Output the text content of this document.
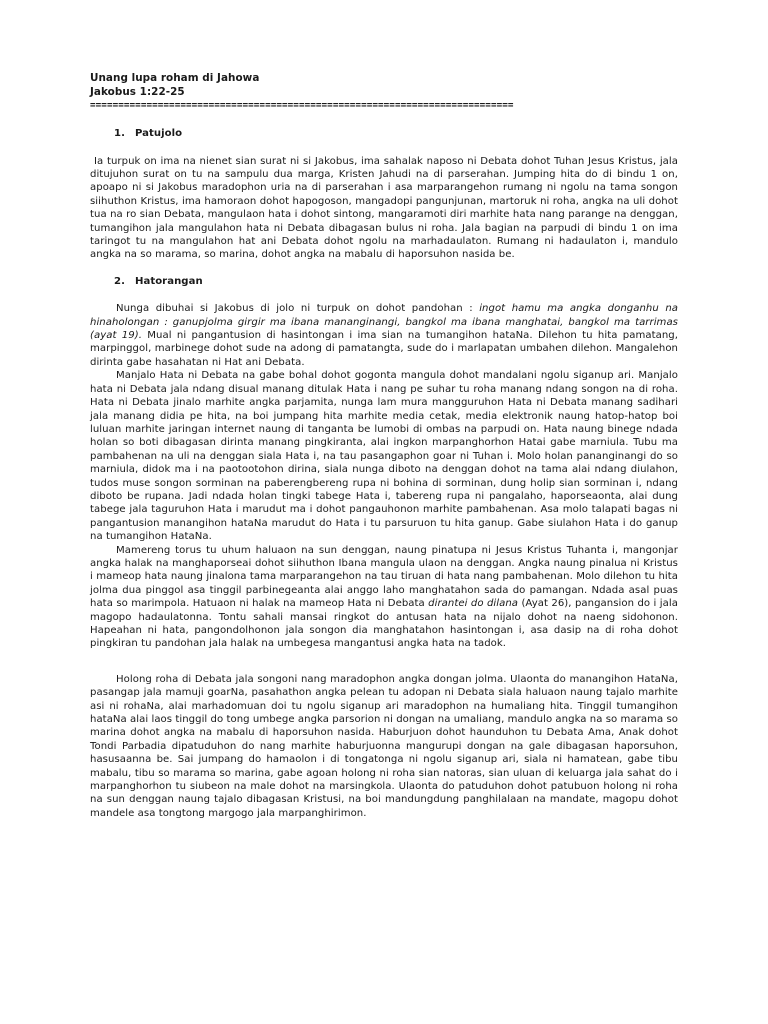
Unang lupa roham di Jahowa
Jakobus 1:22-25
===========================================================================
1. Patujolo

Ia turpuk on ima na nienet sian surat ni si Jakobus, ima sahalak naposo ni Debata dohot Tuhan Jesus Kristus, jala ditujuhon surat on tu na sampulu dua marga, Kristen Jahudi na di parserahan. Jumping hita do di bindu 1 on, apoapo ni si Jakobus maradophon uria na di parserahan i asa marparangehon rumang ni ngolu na tama songon siihuthon Kristus, ima hamoraon dohot hapogoson, mangadopi pangunjunan, martoruk ni roha, angka na uli dohot tua na ro sian Debata, mangulaon hata i dohot sintong, mangaramoti diri marhite hata nang parange na denggan, tumangihon jala mangulahon hata ni Debata dibagasan bulus ni roha. Jala bagian na parpudi di bindu 1 on ima taringot tu na mangulahon hat ani Debata dohot ngolu na marhadaulaton. Rumang ni hadaulaton i, mandulo angka na so marama, so marina, dohot angka na mabalu di haporsuhon nasida be.

2. Hatorangan

Nunga dibuhai si Jakobus di jolo ni turpuk on dohot pandohan : ingot hamu ma angka donganhu na hinaholongan : ganupjolma girgir ma ibana mananginangi, bangkol ma ibana manghatai, bangkol ma tarrimas (ayat 19). Mual ni pangantusion di hasintongan i ima sian na tumangihon hataNa. Dilehon tu hita pamatang, marpinggol, marbinege dohot sude na adong di pamatangta, sude do i marlapatan umbahen dilehon. Mangalehon dirinta gabe hasahatan ni Hat ani Debata.

Manjalo Hata ni Debata na gabe bohal dohot gogonta mangula dohot mandalani ngolu siganup ari. Manjalo hata ni Debata jala ndang disual manang ditulak Hata i nang pe suhar tu roha manang ndang songon na di roha. Hata ni Debata jinalo marhite angka parjamita, nunga lam mura mangguruhon Hata ni Debata manang sadihari jala manang didia pe hita, na boi jumpang hita marhite media cetak, media elektronik naung hatop-hatop boi luluan marhite jaringan internet naung di tanganta be lumobi di ombas na parpudi on. Hata naung binege ndada holan so boti dibagasan dirinta manang pingkiranta, alai ingkon marpanghorhon Hatai gabe marniula. Tubu ma pambahenan na uli na denggan siala Hata i, na tau pasangaphon goar ni Tuhan i. Molo holan pananginangi do so marniula, didok ma i na paotootohon dirina, siala nunga diboto na denggan dohot na tama alai ndang diulahon, tudos muse songon sorminan na paberengbereng rupa ni bohina di sorminan, dung holip sian sorminan i, ndang diboto be rupana. Jadi ndada holan tingki tabege Hata i, tabereng rupa ni pangalaho, haporseaonta, alai dung tabege jala taguruhon Hata i marudut ma i dohot pangauhonon marhite pambahenan. Asa molo talapati bagas ni pangantusion manangihon hataNa marudut do Hata i tu parsuruon tu hita ganup. Gabe siulahon Hata i do ganup na tumangihon HataNa.

Mamereng torus tu uhum haluaon na sun denggan, naung pinatupa ni Jesus Kristus Tuhanta i, mangonjar angka halak na manghaporseai dohot siihuthon Ibana mangula ulaon na denggan. Angka naung pinalua ni Kristus i mameop hata naung jinalona tama marparangehon na tau tiruan di hata nang pambahenan. Molo dilehon tu hita jolma dua pinggol asa tinggil parbinegeanta alai anggo laho manghatahon sada do pamangan. Ndada asal puas hata so marimpola. Hatuaon ni halak na mameop Hata ni Debata dirantei do dilana (Ayat 26), pangansion do i jala magopo hadaulatonna. Tontu sahali mansai ringkot do antusan hata na nijalo dohot na naeng sidohonon. Hapeahan ni hata, pangondolhonon jala songon dia manghatahon hasintongan i, asa dasip na di roha dohot pingkiran tu pandohan jala halak na umbegesa mangantusi angka hata na tadok.

Holong roha di Debata jala songoni nang maradophon angka dongan jolma. Ulaonta do manangihon HataNa, pasangap jala mamuji goarNa, pasahathon angka pelean tu adopan ni Debata siala haluaon naung tajalo marhite asi ni rohaNa, alai marhadomuan doi tu ngolu siganup ari maradophon na humaliang hita. Tinggil tumangihon hataNa alai laos tinggil do tong umbege angka parsorion ni dongan na umaliang, mandulo angka na so marama so marina dohot angka na mabalu di haporsuhon nasida. Haburjuon dohot haunduhon tu Debata Ama, Anak dohot Tondi Parbadia dipatuduhon do nang marhite haburjuonna mangurupi dongan na gale dibagasan haporsuhon, hasusaanna be. Sai jumpang do hamaolon i di tongatonga ni ngolu siganup ari, siala ni hamatean, gabe tibu mabalu, tibu so marama so marina, gabe agoan holong ni roha sian natoras, sian uluan di keluarga jala sahat do i marpanghorhon tu siubeon na male dohot na marsingkola. Ulaonta do patuduhon dohot patubuon holong ni roha na sun denggan naung tajalo dibagasan Kristusi, na boi mandungdung panghilalaan na mandate, magopu dohot mandele asa tongtong margogo jala marpanghirimon.
